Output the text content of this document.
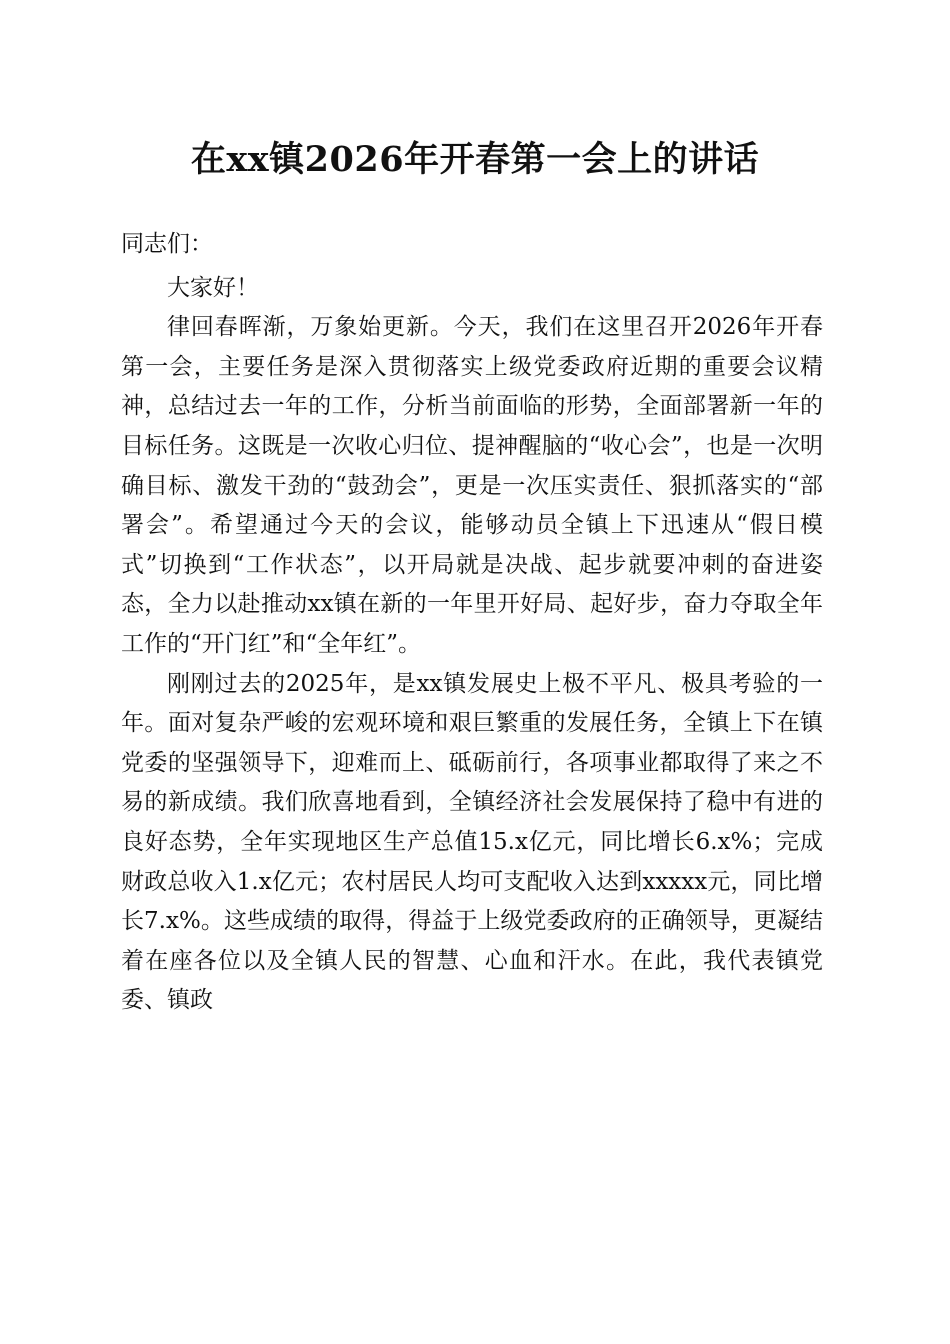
在xx镇2026年开春第一会上的讲话

同志们：

大家好！

律回春晖渐，万象始更新。今天，我们在这里召开2026年开春第一会，主要任务是深入贯彻落实上级党委政府近期的重要会议精神，总结过去一年的工作，分析当前面临的形势，全面部署新一年的目标任务。这既是一次收心归位、提神醒脑的“收心会”，也是一次明确目标、激发干劲的“鼓劲会”，更是一次压实责任、狠抓落实的“部署会”。希望通过今天的会议，能够动员全镇上下迅速从“假日模式”切换到“工作状态”，以开局就是决战、起步就要冲刺的奋进姿态，全力以赴推动xx镇在新的一年里开好局、起好步，奋力夺取全年工作的“开门红”和“全年红”。

刚刚过去的2025年，是xx镇发展史上极不平凡、极具考验的一年。面对复杂严峻的宏观环境和艰巨繁重的发展任务，全镇上下在镇党委的坚强领导下，迎难而上、砥砺前行，各项事业都取得了来之不易的新成绩。我们欣喜地看到，全镇经济社会发展保持了稳中有进的良好态势，全年实现地区生产总值15.x亿元，同比增长6.x%；完成财政总收入1.x亿元；农村居民人均可支配收入达到xxxxx元，同比增长7.x%。这些成绩的取得，得益于上级党委政府的正确领导，更凝结着在座各位以及全镇人民的智慧、心血和汗水。在此，我代表镇党委、镇政
